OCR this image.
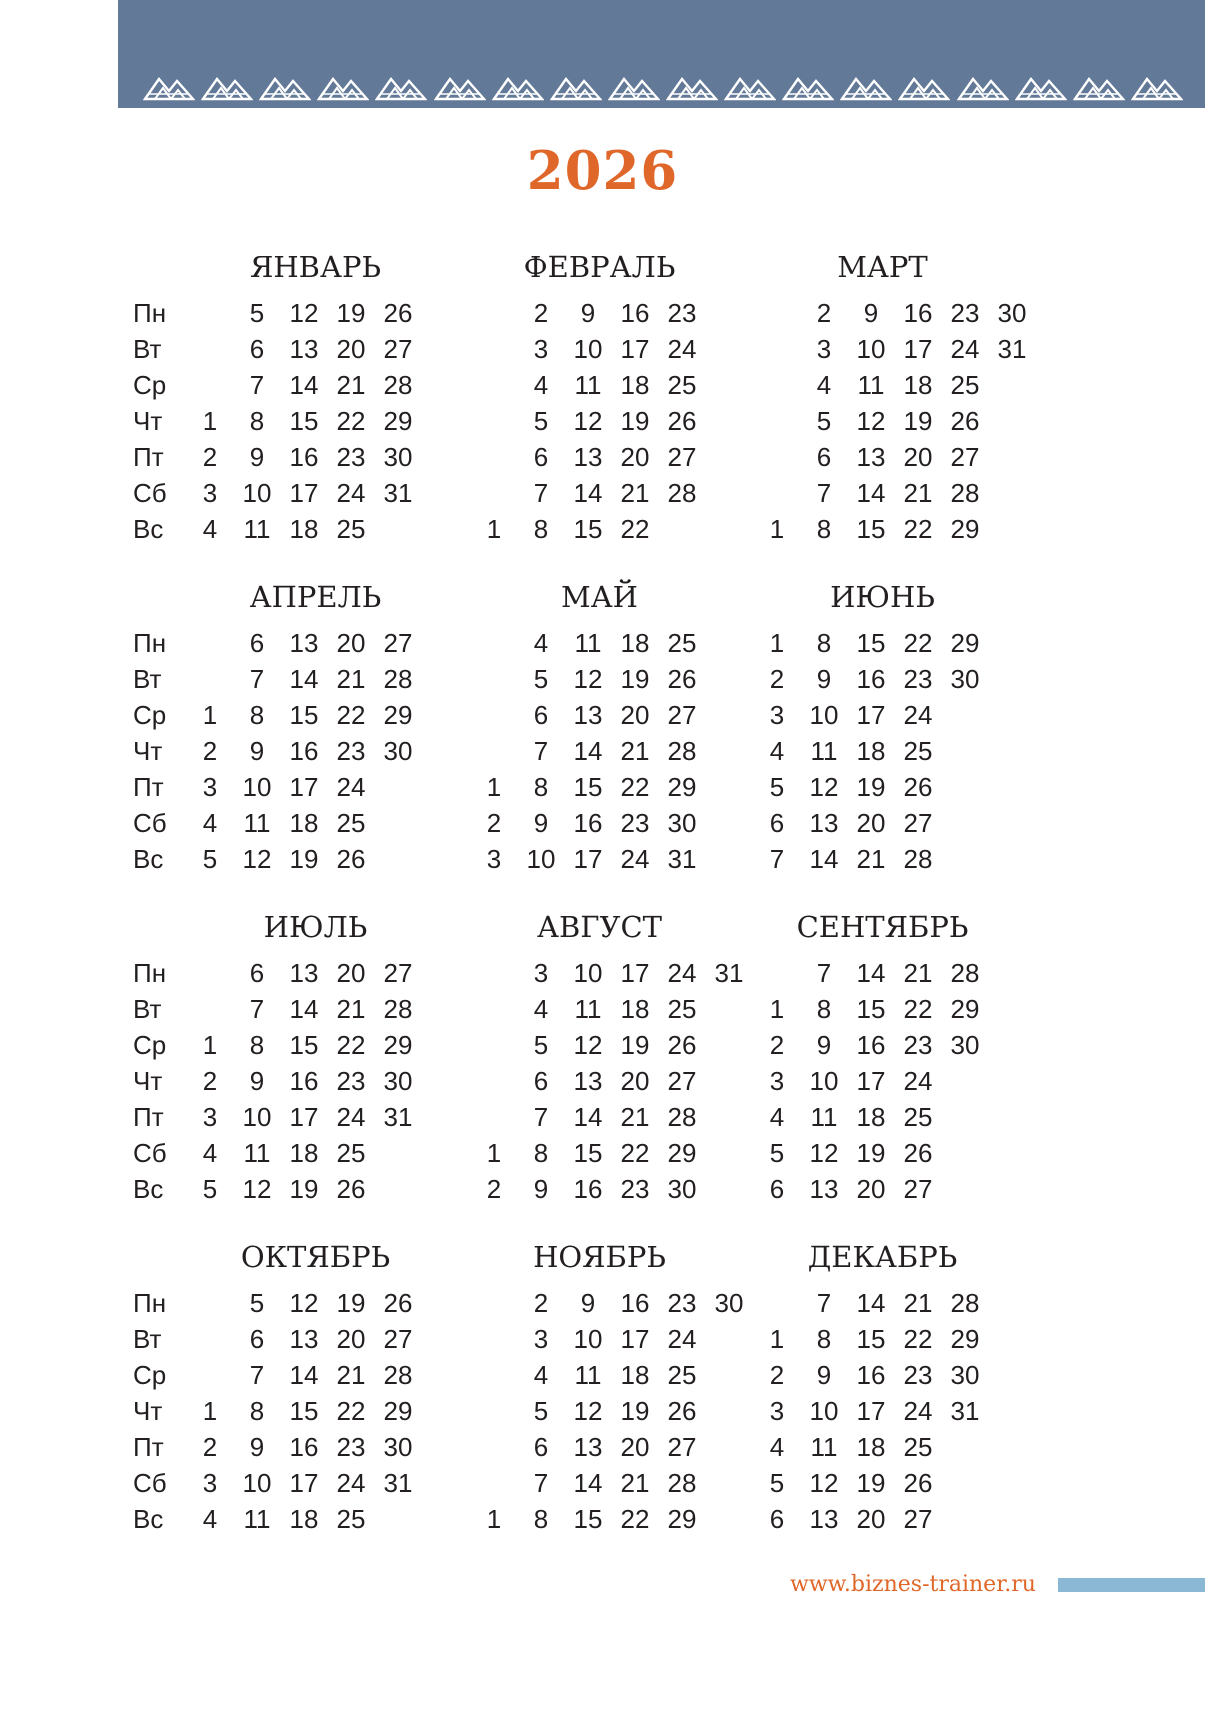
2026
Пн
Вт
Ср
Чт
Пт
Сб
Вс
ЯНВАРЬ
1
2
3
4
5
6
7
8
9
10
11
12
13
14
15
16
17
18
19
20
21
22
23
24
25
26
27
28
29
30
31
ФЕВРАЛЬ
1
2
3
4
5
6
7
8
9
10
11
12
13
14
15
16
17
18
19
20
21
22
23
24
25
26
27
28
МАРТ
1
2
3
4
5
6
7
8
9
10
11
12
13
14
15
16
17
18
19
20
21
22
23
24
25
26
27
28
29
30
31
Пн
Вт
Ср
Чт
Пт
Сб
Вс
АПРЕЛЬ
1
2
3
4
5
6
7
8
9
10
11
12
13
14
15
16
17
18
19
20
21
22
23
24
25
26
27
28
29
30
МАЙ
1
2
3
4
5
6
7
8
9
10
11
12
13
14
15
16
17
18
19
20
21
22
23
24
25
26
27
28
29
30
31
ИЮНЬ
1
2
3
4
5
6
7
8
9
10
11
12
13
14
15
16
17
18
19
20
21
22
23
24
25
26
27
28
29
30
Пн
Вт
Ср
Чт
Пт
Сб
Вс
ИЮЛЬ
1
2
3
4
5
6
7
8
9
10
11
12
13
14
15
16
17
18
19
20
21
22
23
24
25
26
27
28
29
30
31
АВГУСТ
1
2
3
4
5
6
7
8
9
10
11
12
13
14
15
16
17
18
19
20
21
22
23
24
25
26
27
28
29
30
31
СЕНТЯБРЬ
1
2
3
4
5
6
7
8
9
10
11
12
13
14
15
16
17
18
19
20
21
22
23
24
25
26
27
28
29
30
Пн
Вт
Ср
Чт
Пт
Сб
Вс
ОКТЯБРЬ
1
2
3
4
5
6
7
8
9
10
11
12
13
14
15
16
17
18
19
20
21
22
23
24
25
26
27
28
29
30
31
НОЯБРЬ
1
2
3
4
5
6
7
8
9
10
11
12
13
14
15
16
17
18
19
20
21
22
23
24
25
26
27
28
29
30
ДЕКАБРЬ
1
2
3
4
5
6
7
8
9
10
11
12
13
14
15
16
17
18
19
20
21
22
23
24
25
26
27
28
29
30
31
www.biznes-trainer.ru
